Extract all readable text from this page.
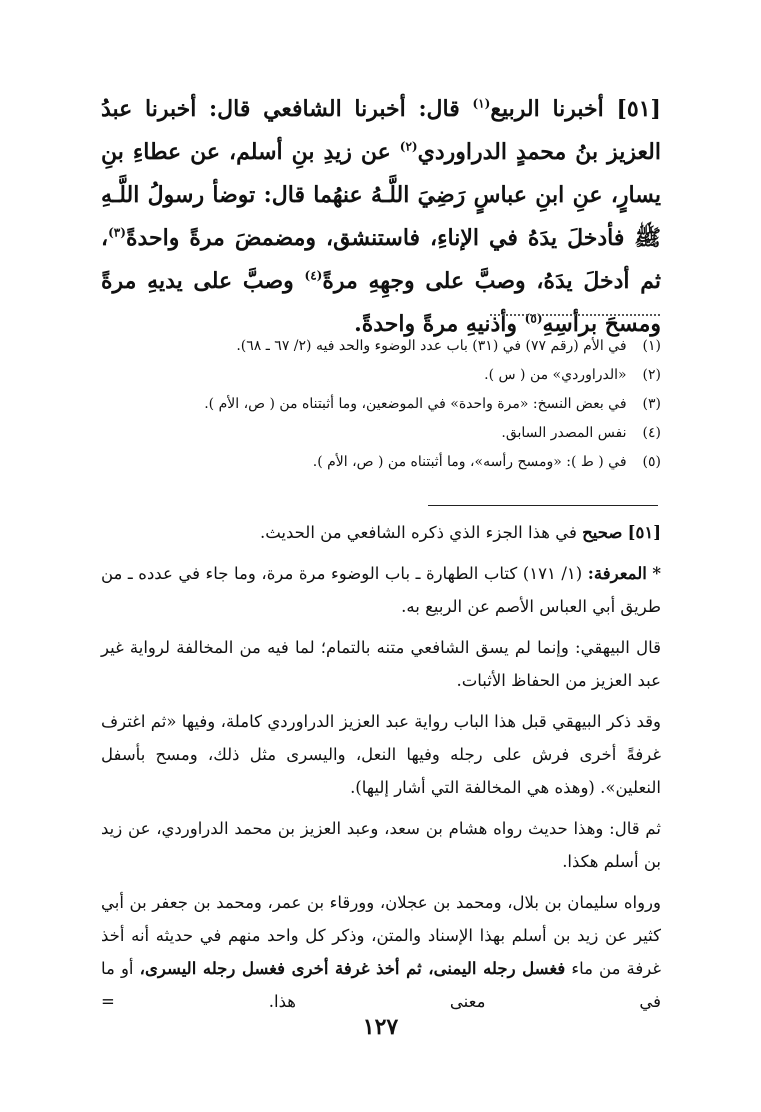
[٥١] أخبرنا الربيع$^{(١)}$ قال: أخبرنا الشافعي قال: أخبرنا عبدُ العزيز بنُ محمدٍ الدراوردي$^{(٢)}$ عن زيدِ بنِ أسلم، عن عطاءِ بنِ يسارٍ، عنِ ابنِ عباسٍ رَضِيَ اللَّـهُ عنهُما قال: توضأ رسولُ اللَّـهِ ﷺ فأدخلَ يدَهُ في الإناءِ، فاستنشق، ومضمضَ مرةً واحدةً$^{(٣)}$، ثم أدخلَ يدَهُ، وصبَّ على وجهِهِ مرةً$^{(٤)}$ وصبَّ على يديهِ مرةً ومسحَ برأسِهِ$^{(٥)}$ وأذنيهِ مرةً واحدةً.

(١) في الأم (رقم ٧٧) في (٣١) باب عدد الوضوء والحد فيه (٢/ ٦٧ ـ ٦٨).
(٢) «الدراوردي» من ( س ).
(٣) في بعض النسخ: «مرة واحدة» في الموضعين، وما أثبتناه من ( ص، الأم ).
(٤) نفس المصدر السابق.
(٥) في ( ط ): «ومسح رأسه»، وما أثبتناه من ( ص، الأم ).

[٥١] صحيح في هذا الجزء الذي ذكره الشافعي من الحديث.

* المعرفة: (١/ ١٧١) كتاب الطهارة ـ باب الوضوء مرة مرة، وما جاء في عدده ـ من طريق أبي العباس الأصم عن الربيع به.

قال البيهقي: وإنما لم يسق الشافعي متنه بالتمام؛ لما فيه من المخالفة لرواية غير عبد العزيز من الحفاظ الأثبات.

وقد ذكر البيهقي قبل هذا الباب رواية عبد العزيز الدراوردي كاملة، وفيها «ثم اغترف غرفةً أخرى فرش على رجله وفيها النعل، واليسرى مثل ذلك، ومسح بأسفل النعلين». (وهذه هي المخالفة التي أشار إليها).

ثم قال: وهذا حديث رواه هشام بن سعد، وعبد العزيز بن محمد الدراوردي، عن زيد بن أسلم هكذا.

ورواه سليمان بن بلال، ومحمد بن عجلان، وورقاء بن عمر، ومحمد بن جعفر بن أبي كثير عن زيد بن أسلم بهذا الإسناد والمتن، وذكر كل واحد منهم في حديثه أنه أخذ غرفة من ماء فغسل رجله اليمنى، ثم أخذ غرفة أخرى فغسل رجله اليسرى، أو ما في معنى هذا. =

١٢٧
